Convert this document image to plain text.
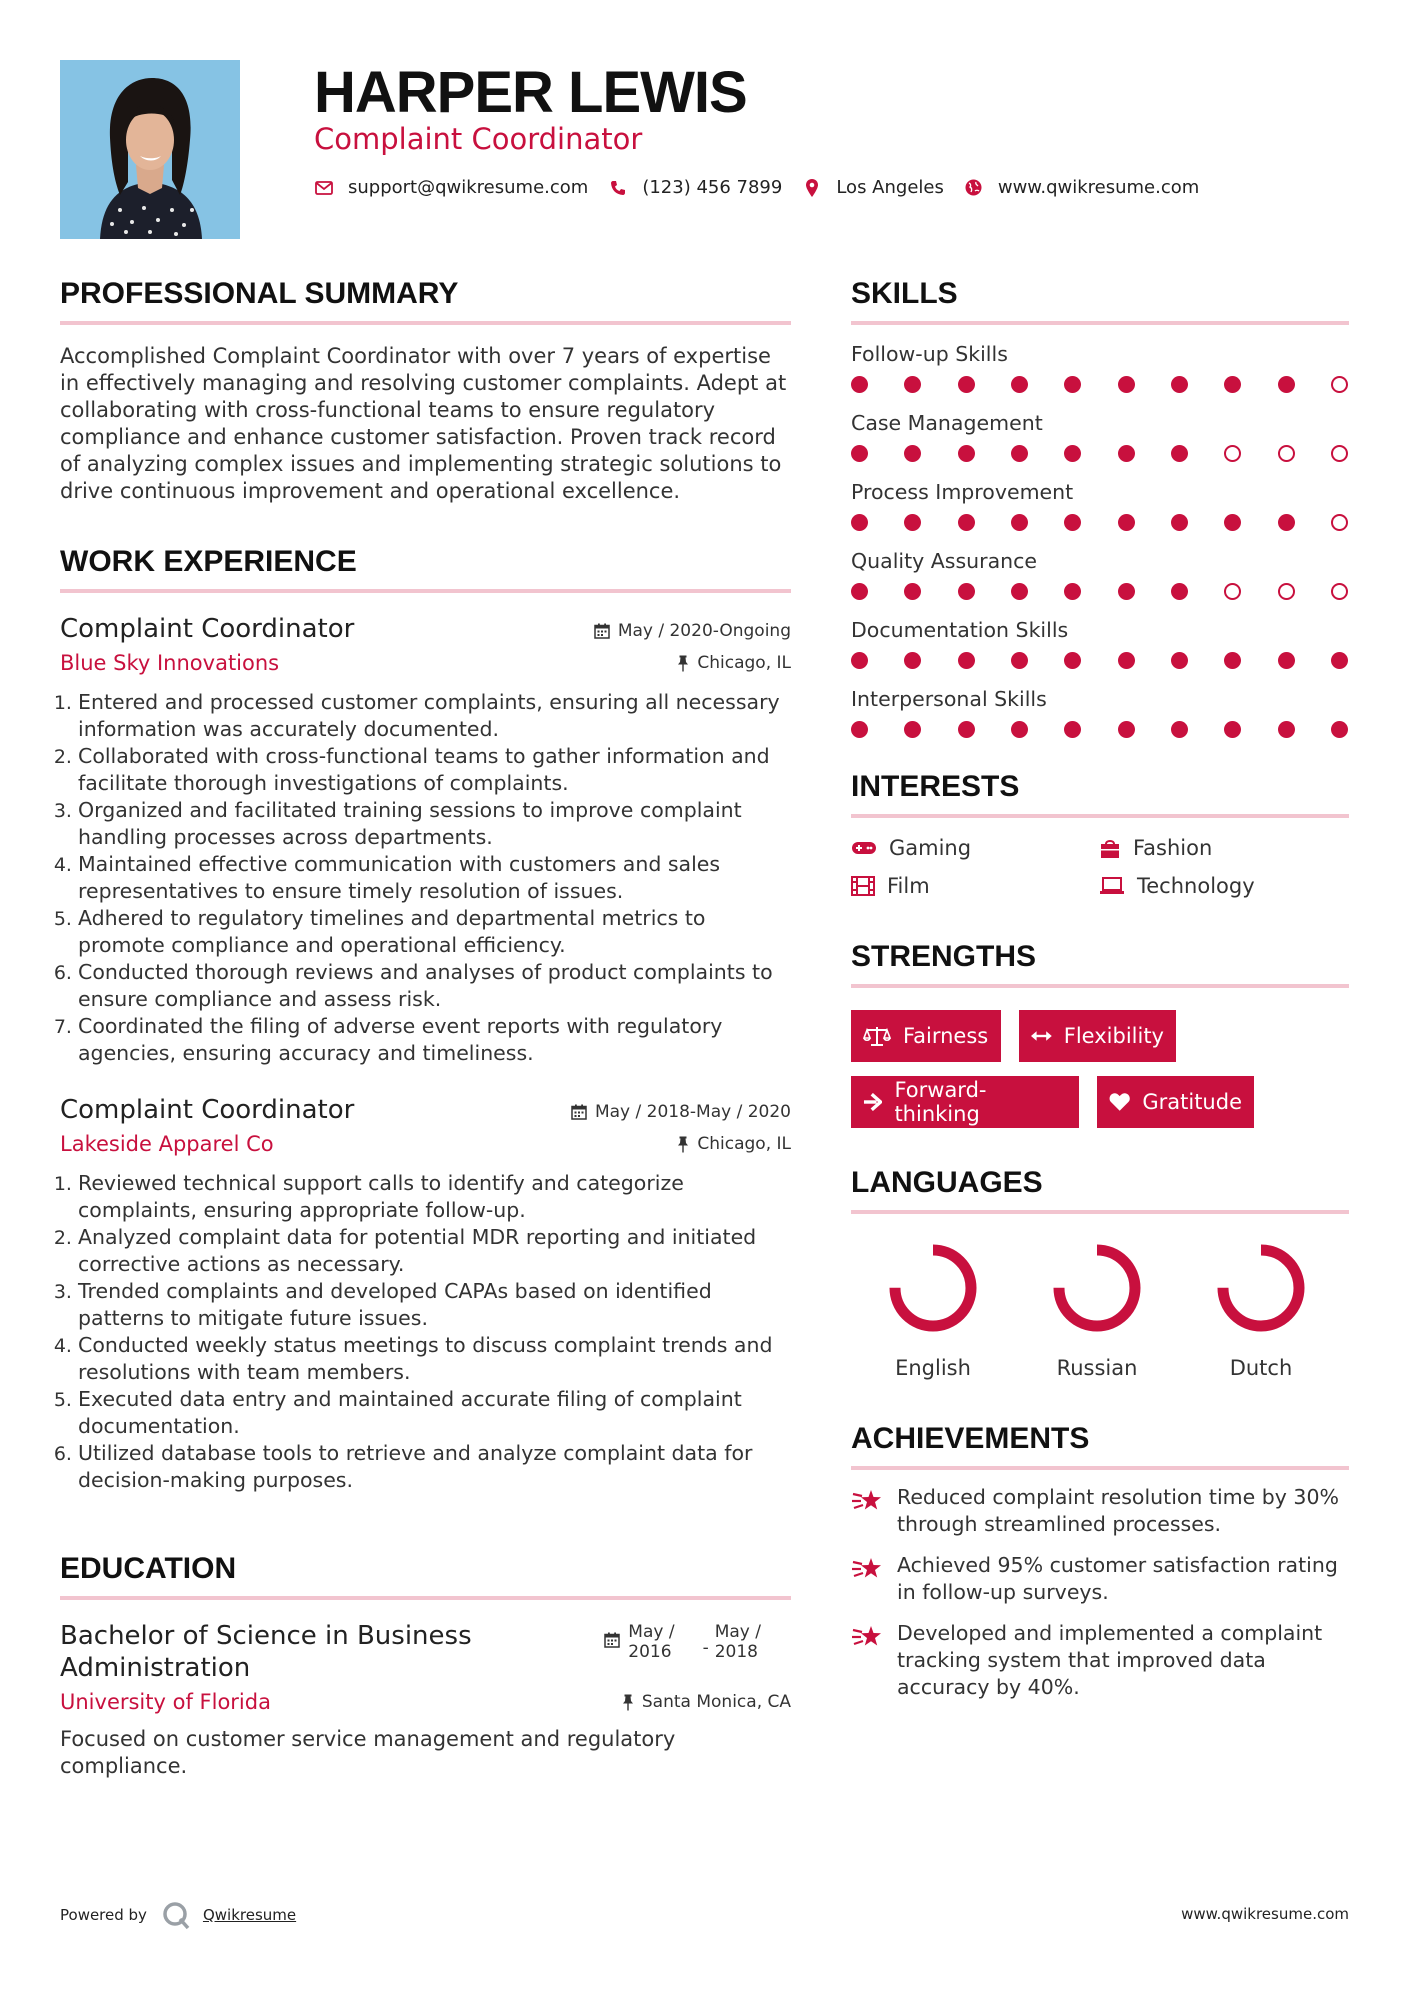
HARPER LEWIS
Complaint Coordinator
support@qwikresume.com	(123) 456 7899	Los Angeles	www.qwikresume.com
PROFESSIONAL SUMMARY
Accomplished Complaint Coordinator with over 7 years of expertise in effectively managing and resolving customer complaints. Adept at collaborating with cross-functional teams to ensure regulatory compliance and enhance customer satisfaction. Proven track record of analyzing complex issues and implementing strategic solutions to drive continuous improvement and operational excellence.
WORK EXPERIENCE
Complaint Coordinator	May / 2020-Ongoing
Blue Sky Innovations	Chicago, IL
1. Entered and processed customer complaints, ensuring all necessary information was accurately documented.
2. Collaborated with cross-functional teams to gather information and facilitate thorough investigations of complaints.
3. Organized and facilitated training sessions to improve complaint handling processes across departments.
4. Maintained effective communication with customers and sales representatives to ensure timely resolution of issues.
5. Adhered to regulatory timelines and departmental metrics to promote compliance and operational efficiency.
6. Conducted thorough reviews and analyses of product complaints to ensure compliance and assess risk.
7. Coordinated the filing of adverse event reports with regulatory agencies, ensuring accuracy and timeliness.
Complaint Coordinator	May / 2018-May / 2020
Lakeside Apparel Co	Chicago, IL
1. Reviewed technical support calls to identify and categorize complaints, ensuring appropriate follow-up.
2. Analyzed complaint data for potential MDR reporting and initiated corrective actions as necessary.
3. Trended complaints and developed CAPAs based on identified patterns to mitigate future issues.
4. Conducted weekly status meetings to discuss complaint trends and resolutions with team members.
5. Executed data entry and maintained accurate filing of complaint documentation.
6. Utilized database tools to retrieve and analyze complaint data for decision-making purposes.
EDUCATION
Bachelor of Science in Business
Administration
May /
2016 -
May /
2018
University of Florida	Santa Monica, CA
Focused on customer service management and regulatory compliance.
SKILLS
Follow-up Skills
Case Management
Process Improvement
Quality Assurance
Documentation Skills
Interpersonal Skills
INTERESTS
Gaming	Fashion
Film	Technology
STRENGTHS
Fairness	Flexibility
Forward-thinking	Gratitude
LANGUAGES
English	Russian	Dutch
ACHIEVEMENTS
Reduced complaint resolution time by 30% through streamlined processes.
Achieved 95% customer satisfaction rating in follow-up surveys.
Developed and implemented a complaint tracking system that improved data accuracy by 40%.
Powered by	Qwikresume	www.qwikresume.com
